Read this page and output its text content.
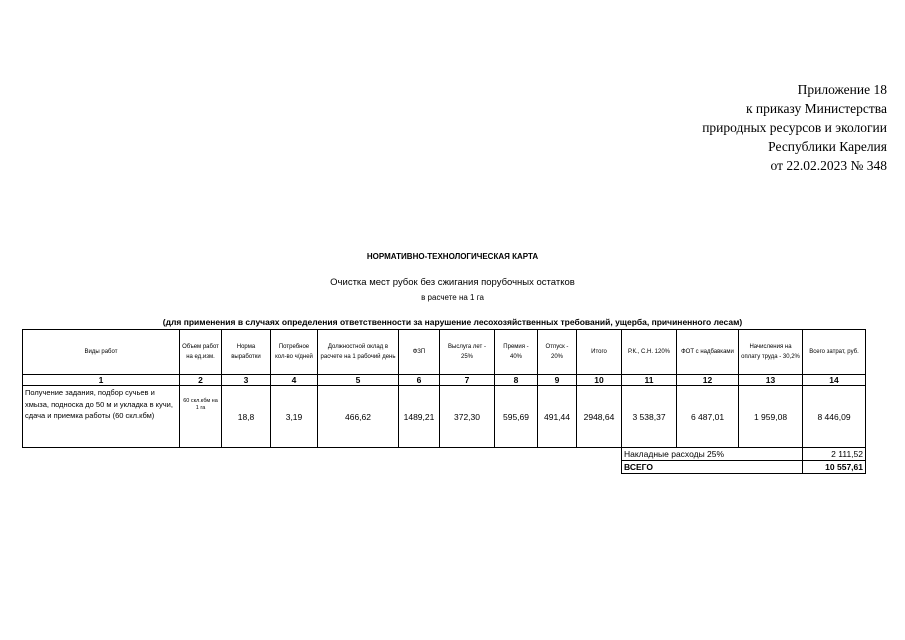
Приложение 18
к приказу Министерства
природных ресурсов и экологии
Республики Карелия
от 22.02.2023 № 348
НОРМАТИВНО-ТЕХНОЛОГИЧЕСКАЯ КАРТА
Очистка мест рубок без сжигания порубочных остатков
в расчете на 1 га
(для применения в случаях определения ответственности за нарушение лесохозяйственных требований, ущерба, причиненного лесам)
Виды работ	Объем работ на ед.изм.	Норма выработки	Потребное кол-во ч/дней	Должностной оклад в расчете на 1 рабочий день	ФЗП	Выслуга лет - 25%	Премия - 40%	Отпуск - 20%	Итого	Р.К., С.Н. 120%	ФОТ с надбавками	Начисления на оплату труда - 30,2%	Всего затрат, руб.
1	2	3	4	5	6	7	8	9	10	11	12	13	14
Получение задания, подбор сучьев и хмыза, подноска до 50 м и укладка в кучи, сдача и приемка работы (60 скл.кбм)	60 скл.кбм на 1 га	18,8	3,19	466,62	1489,21	372,30	595,69	491,44	2948,64	3 538,37	6 487,01	1 959,08	8 446,09
										Накладные расходы 25%			2 111,52
										ВСЕГО			10 557,61
